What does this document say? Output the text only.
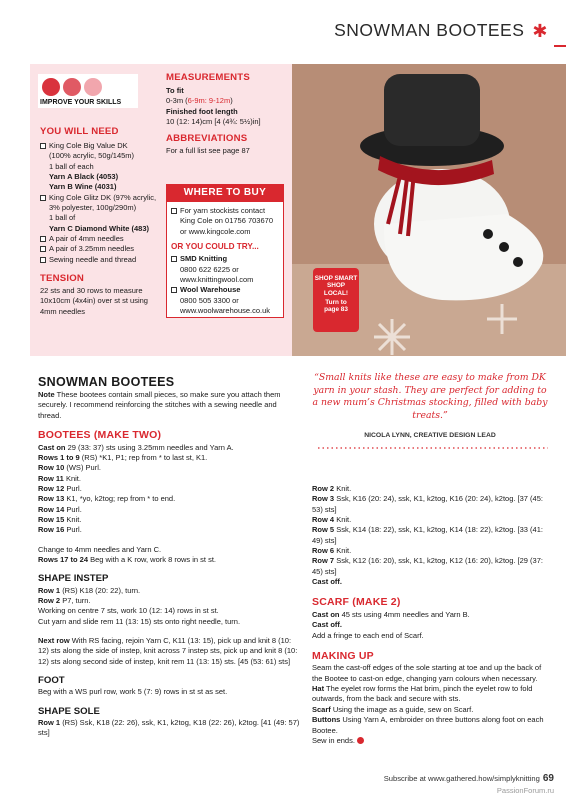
SNOWMAN BOOTEES ✱
IMPROVE YOUR SKILLS
YOU WILL NEED
King Cole Big Value DK
(100% acrylic, 50g/145m)
1 ball of each
Yarn A Black (4053)
Yarn B Wine (4031)
King Cole Glitz DK (97% acrylic,
3% polyester, 100g/290m)
1 ball of
Yarn C Diamond White (483)
A pair of 4mm needles
A pair of 3.25mm needles
Sewing needle and thread
TENSION
22 sts and 30 rows to measure
10x10cm (4x4in) over st st using
4mm needles
MEASUREMENTS
To fit
0-3m (6-9m: 9-12m)
Finished foot length
10 (12: 14)cm [4 (4¾: 5½)in]
ABBREVIATIONS
For a full list see page 87
WHERE TO BUY
For yarn stockists contact
King Cole on 01756 703670
or www.kingcole.com
OR YOU COULD TRY...
SMD Knitting
0800 622 6225 or
www.knittingwool.com
Wool Warehouse
0800 505 3300 or
www.woolwarehouse.co.uk
SHOP SMART
SHOP
LOCAL!
Turn to
page 83
SNOWMAN BOOTEES
Note These bootees contain small pieces, so make sure you attach them securely. I recommend reinforcing the stitches with a sewing needle and thread.
BOOTEES (MAKE TWO)
Cast on 29 (33: 37) sts using 3.25mm needles and Yarn A.
Rows 1 to 9 (RS) *K1, P1; rep from * to last st, K1.
Row 10 (WS) Purl.
Row 11 Knit.
Row 12 Purl.
Row 13 K1, *yo, k2tog; rep from * to end.
Row 14 Purl.
Row 15 Knit.
Row 16 Purl.
Change to 4mm needles and Yarn C.
Rows 17 to 24 Beg with a K row, work 8 rows in st st.
SHAPE INSTEP
Row 1 (RS) K18 (20: 22), turn.
Row 2 P7, turn.
Working on centre 7 sts, work 10 (12: 14) rows in st st.
Cut yarn and slide rem 11 (13: 15) sts onto right needle, turn.
Next row With RS facing, rejoin Yarn C, K11 (13: 15), pick up and knit 8 (10: 12) sts along the side of instep, knit across 7 instep sts, pick up and knit 8 (10: 12) sts along second side of instep, knit rem 11 (13: 15) sts. [45 (53: 61) sts]
FOOT
Beg with a WS purl row, work 5 (7: 9) rows in st st as set.
SHAPE SOLE
Row 1 (RS) Ssk, K18 (22: 26), ssk, K1, k2tog, K18 (22: 26), k2tog. [41 (49: 57) sts]
“Small knits like these are easy to make from DK yarn in your stash. They are perfect for adding to a new mum’s Christmas stocking, filled with baby treats.”
NICOLA LYNN, CREATIVE DESIGN LEAD
Row 2 Knit.
Row 3 Ssk, K16 (20: 24), ssk, K1, k2tog, K16 (20: 24), k2tog. [37 (45: 53) sts]
Row 4 Knit.
Row 5 Ssk, K14 (18: 22), ssk, K1, k2tog, K14 (18: 22), k2tog. [33 (41: 49) sts]
Row 6 Knit.
Row 7 Ssk, K12 (16: 20), ssk, K1, k2tog, K12 (16: 20), k2tog. [29 (37: 45) sts]
Cast off.
SCARF (MAKE 2)
Cast on 45 sts using 4mm needles and Yarn B.
Cast off.
Add a fringe to each end of Scarf.
MAKING UP
Seam the cast-off edges of the sole starting at toe and up the back of the Bootee to cast-on edge, changing yarn colours when necessary.
Hat The eyelet row forms the Hat brim, pinch the eyelet row to fold outwards, from the back and secure with sts.
Scarf Using the image as a guide, sew on Scarf.
Buttons Using Yarn A, embroider on three buttons along foot on each Bootee.
Sew in ends.
Subscribe at www.gathered.how/simplyknitting 69
PassionForum.ru
